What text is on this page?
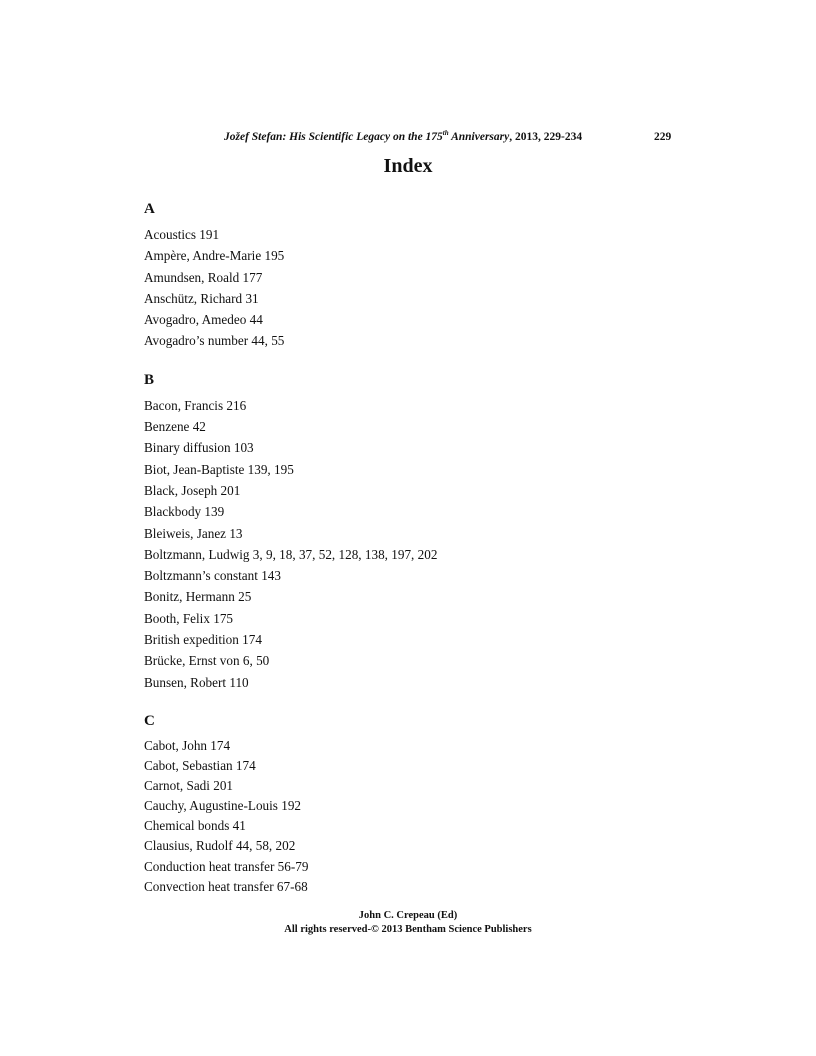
Jožef Stefan: His Scientific Legacy on the 175th Anniversary, 2013, 229-234	229
Index
A
Acoustics 191
Ampère, Andre-Marie 195
Amundsen, Roald 177
Anschütz, Richard 31
Avogadro, Amedeo 44
Avogadro’s number 44, 55
B
Bacon, Francis 216
Benzene 42
Binary diffusion 103
Biot, Jean-Baptiste 139, 195
Black, Joseph 201
Blackbody 139
Bleiweis, Janez 13
Boltzmann, Ludwig 3, 9, 18, 37, 52, 128, 138, 197, 202
Boltzmann’s constant 143
Bonitz, Hermann 25
Booth, Felix 175
British expedition 174
Brücke, Ernst von 6, 50
Bunsen, Robert 110
C
Cabot, John 174
Cabot, Sebastian 174
Carnot, Sadi 201
Cauchy, Augustine-Louis 192
Chemical bonds 41
Clausius, Rudolf 44, 58, 202
Conduction heat transfer 56-79
Convection heat transfer 67-68
John C. Crepeau (Ed)
All rights reserved-© 2013 Bentham Science Publishers
